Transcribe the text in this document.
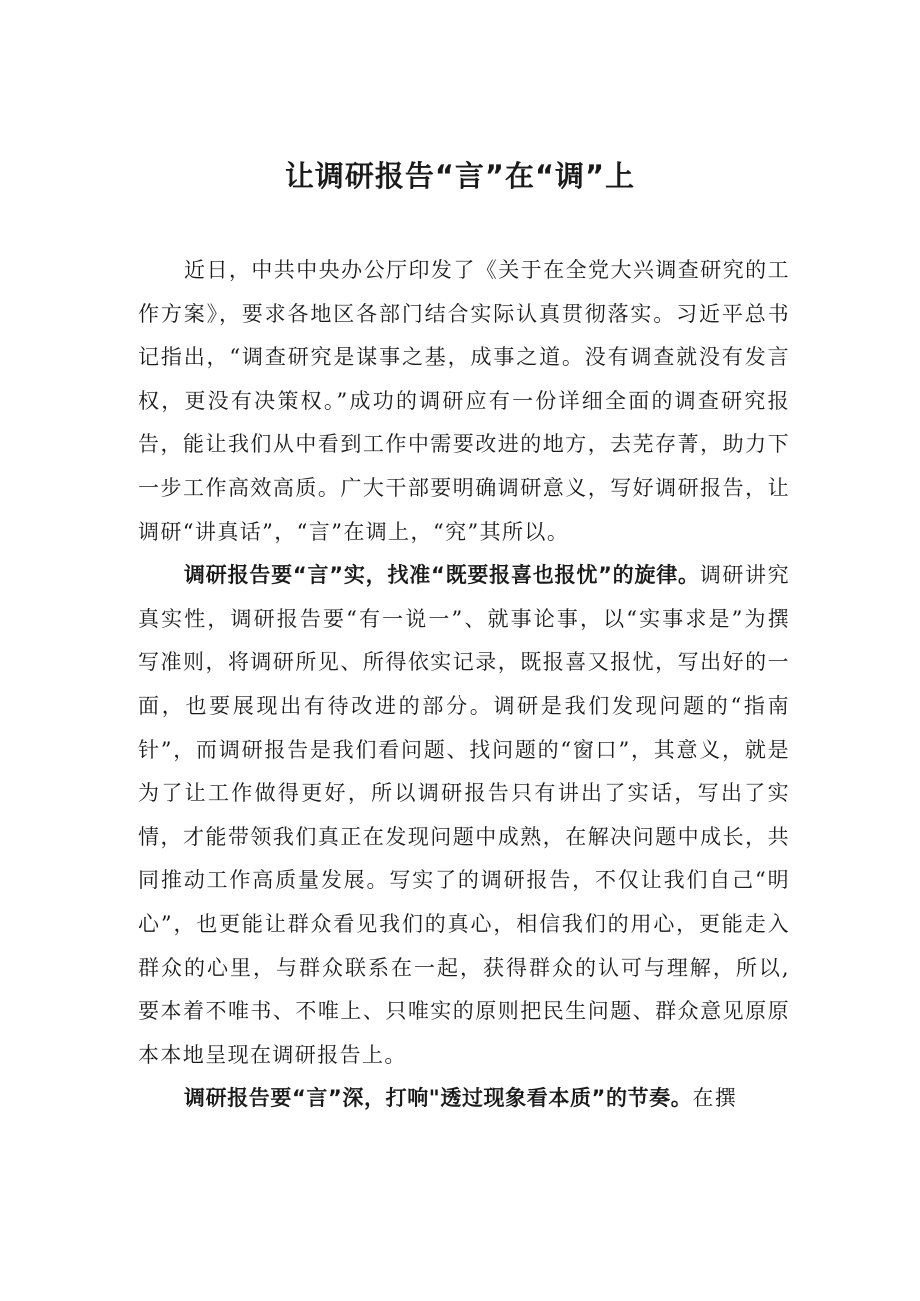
让调研报告“言”在“调”上

近日，中共中央办公厅印发了《关于在全党大兴调查研究的工作方案》，要求各地区各部门结合实际认真贯彻落实。习近平总书记指出，“调查研究是谋事之基，成事之道。没有调查就没有发言权，更没有决策权。”成功的调研应有一份详细全面的调查研究报告，能让我们从中看到工作中需要改进的地方，去芜存菁，助力下一步工作高效高质。广大干部要明确调研意义，写好调研报告，让调研“讲真话”，“言”在调上，“究”其所以。

调研报告要“言”实，找准“既要报喜也报忧”的旋律。调研讲究真实性，调研报告要“有一说一”、就事论事，以“实事求是”为撰写准则，将调研所见、所得依实记录，既报喜又报忧，写出好的一面，也要展现出有待改进的部分。调研是我们发现问题的“指南针”，而调研报告是我们看问题、找问题的“窗口”，其意义，就是为了让工作做得更好，所以调研报告只有讲出了实话，写出了实情，才能带领我们真正在发现问题中成熟，在解决问题中成长，共同推动工作高质量发展。写实了的调研报告，不仅让我们自己“明心”，也更能让群众看见我们的真心，相信我们的用心，更能走入群众的心里，与群众联系在一起，获得群众的认可与理解，所以,要本着不唯书、不唯上、只唯实的原则把民生问题、群众意见原原本本地呈现在调研报告上。

调研报告要“言”深，打响"透过现象看本质”的节奏。在撰
